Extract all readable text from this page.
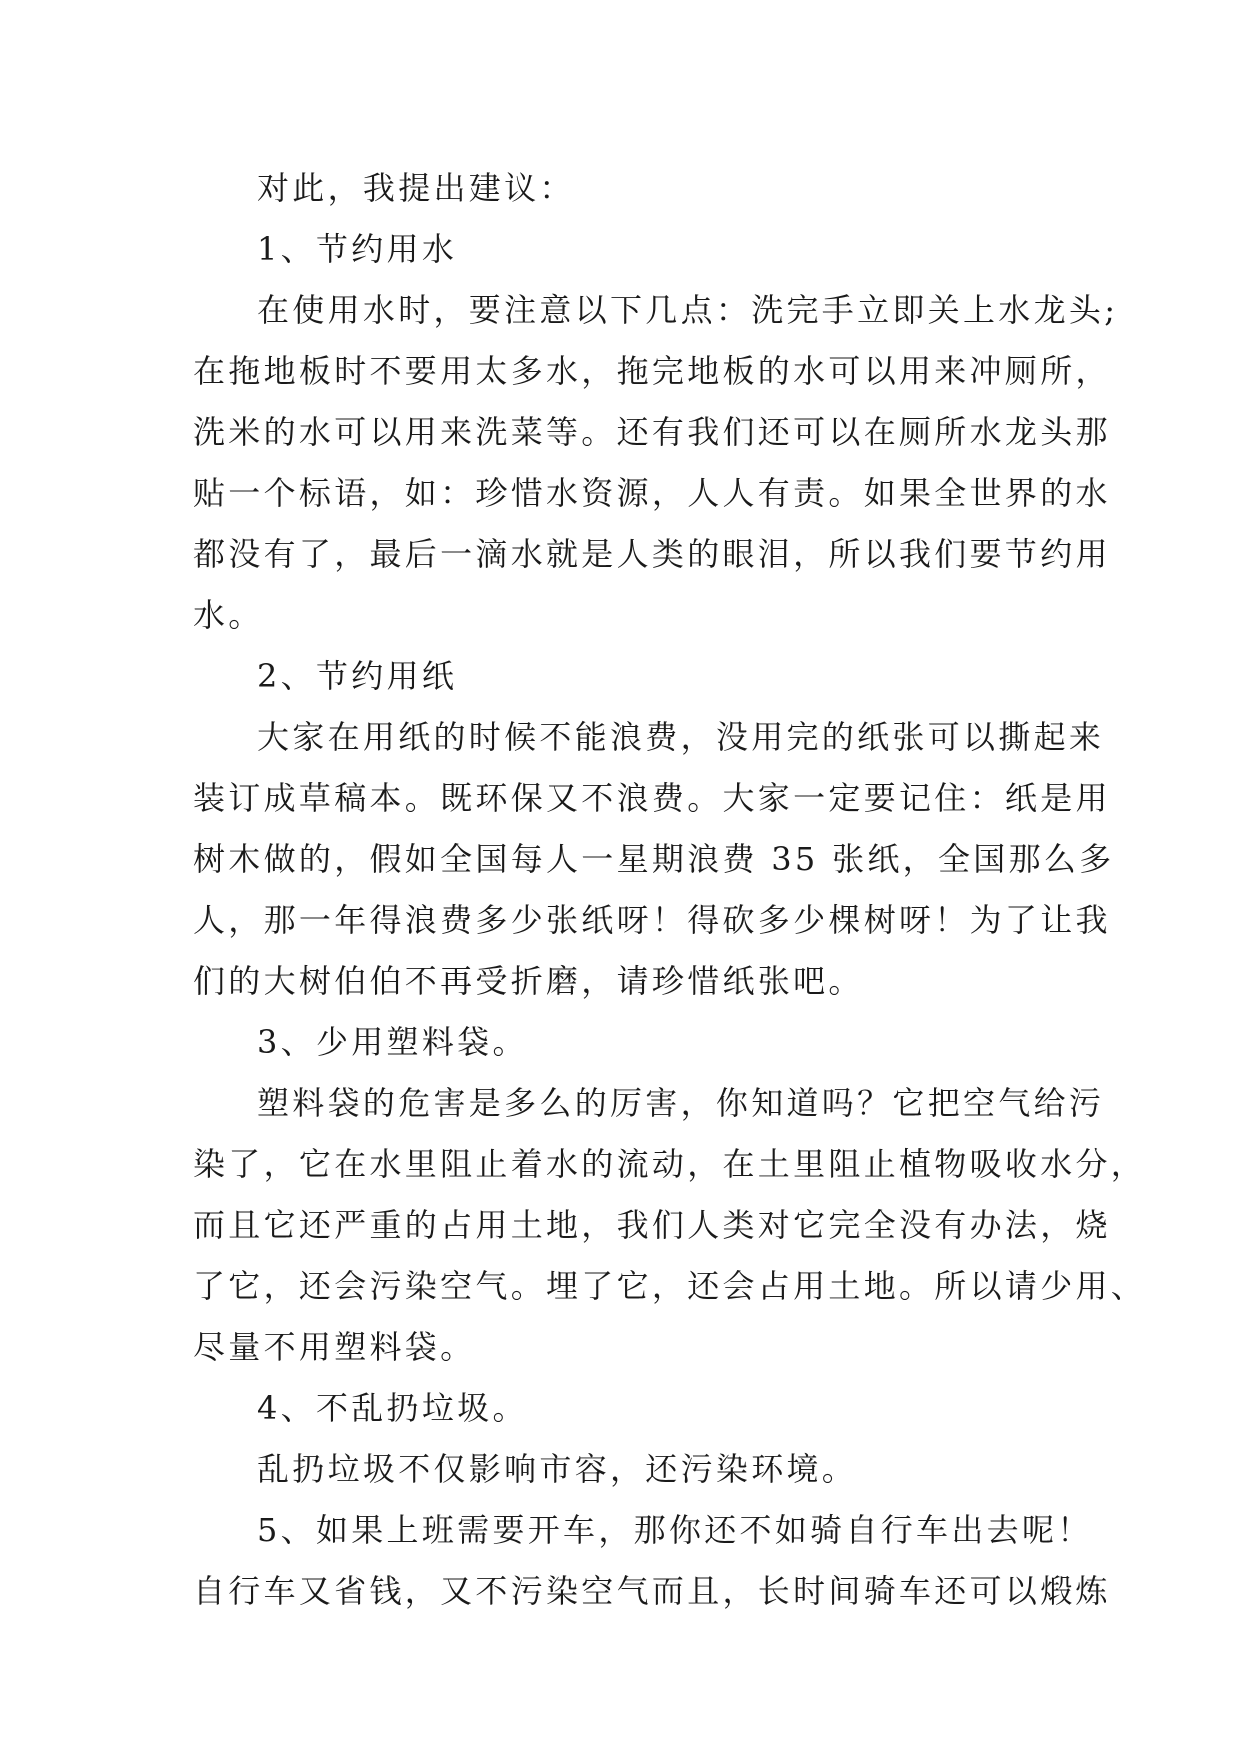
对此，我提出建议：

1、节约用水

在使用水时，要注意以下几点：洗完手立即关上水龙头;
在拖地板时不要用太多水，拖完地板的水可以用来冲厕所，
洗米的水可以用来洗菜等。还有我们还可以在厕所水龙头那
贴一个标语，如：珍惜水资源，人人有责。如果全世界的水
都没有了，最后一滴水就是人类的眼泪，所以我们要节约用
水。

2、节约用纸

大家在用纸的时候不能浪费，没用完的纸张可以撕起来
装订成草稿本。既环保又不浪费。大家一定要记住：纸是用
树木做的，假如全国每人一星期浪费 35 张纸，全国那么多
人，那一年得浪费多少张纸呀！得砍多少棵树呀！为了让我
们的大树伯伯不再受折磨，请珍惜纸张吧。

3、少用塑料袋。

塑料袋的危害是多么的厉害，你知道吗？它把空气给污
染了，它在水里阻止着水的流动，在土里阻止植物吸收水分，
而且它还严重的占用土地，我们人类对它完全没有办法，烧
了它，还会污染空气。埋了它，还会占用土地。所以请少用、
尽量不用塑料袋。

4、不乱扔垃圾。

乱扔垃圾不仅影响市容，还污染环境。

5、如果上班需要开车，那你还不如骑自行车出去呢！
自行车又省钱，又不污染空气而且，长时间骑车还可以煅炼
